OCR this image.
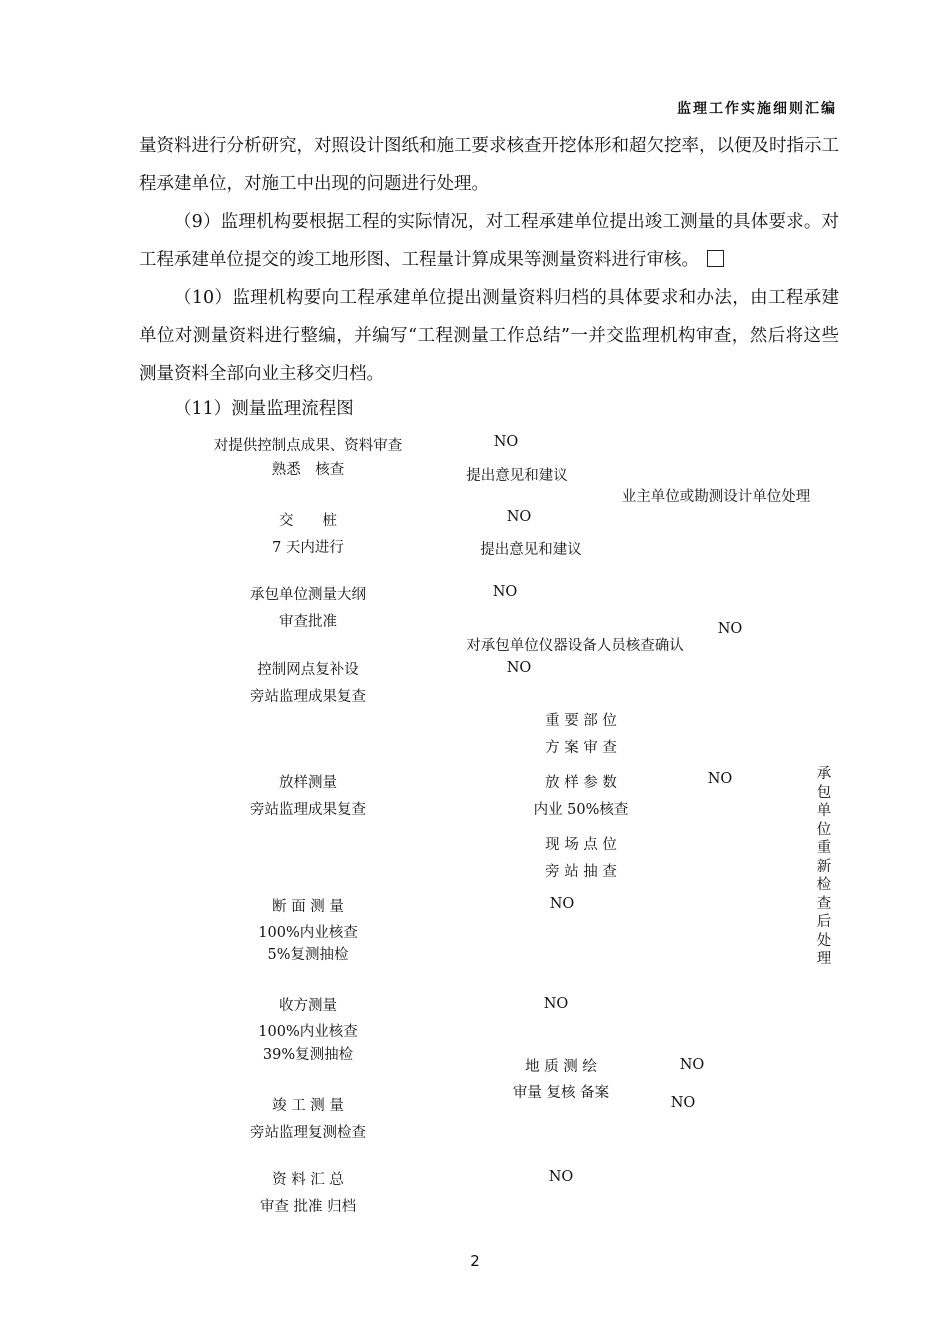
监理工作实施细则汇编
量资料进行分析研究，对照设计图纸和施工要求核查开挖体形和超欠挖率，以便及时指示工程承建单位，对施工中出现的问题进行处理。
（9）监理机构要根据工程的实际情况，对工程承建单位提出竣工测量的具体要求。对工程承建单位提交的竣工地形图、工程量计算成果等测量资料进行审核。
（10）监理机构要向工程承建单位提出测量资料归档的具体要求和办法，由工程承建单位对测量资料进行整编，并编写“工程测量工作总结”一并交监理机构审查，然后将这些测量资料全部向业主移交归档。
（11）测量监理流程图
对提供控制点成果、资料审查
熟悉　核查
交　　桩
7 天内进行
承包单位测量大纲
审查批准
控制网点复补设
旁站监理成果复查
放样测量
旁站监理成果复查
断 面 测 量
100%内业核查
5%复测抽检
收方测量
100%内业核查
39%复测抽检
竣 工 测 量
旁站监理复测检查
资 料 汇 总
审查 批准 归档
NO
NO
NO
NO
NO
NO
NO
NO
NO
NO
NO
提出意见和建议
提出意见和建议
对承包单位仪器设备人员核查确认
重 要 部 位
方 案 审 查
放 样 参 数
内业 50%核查
现 场 点 位
旁 站 抽 查
地 质 测 绘
审量 复核 备案
业主单位或勘测设计单位处理
承包单位重新检查后处理
2
